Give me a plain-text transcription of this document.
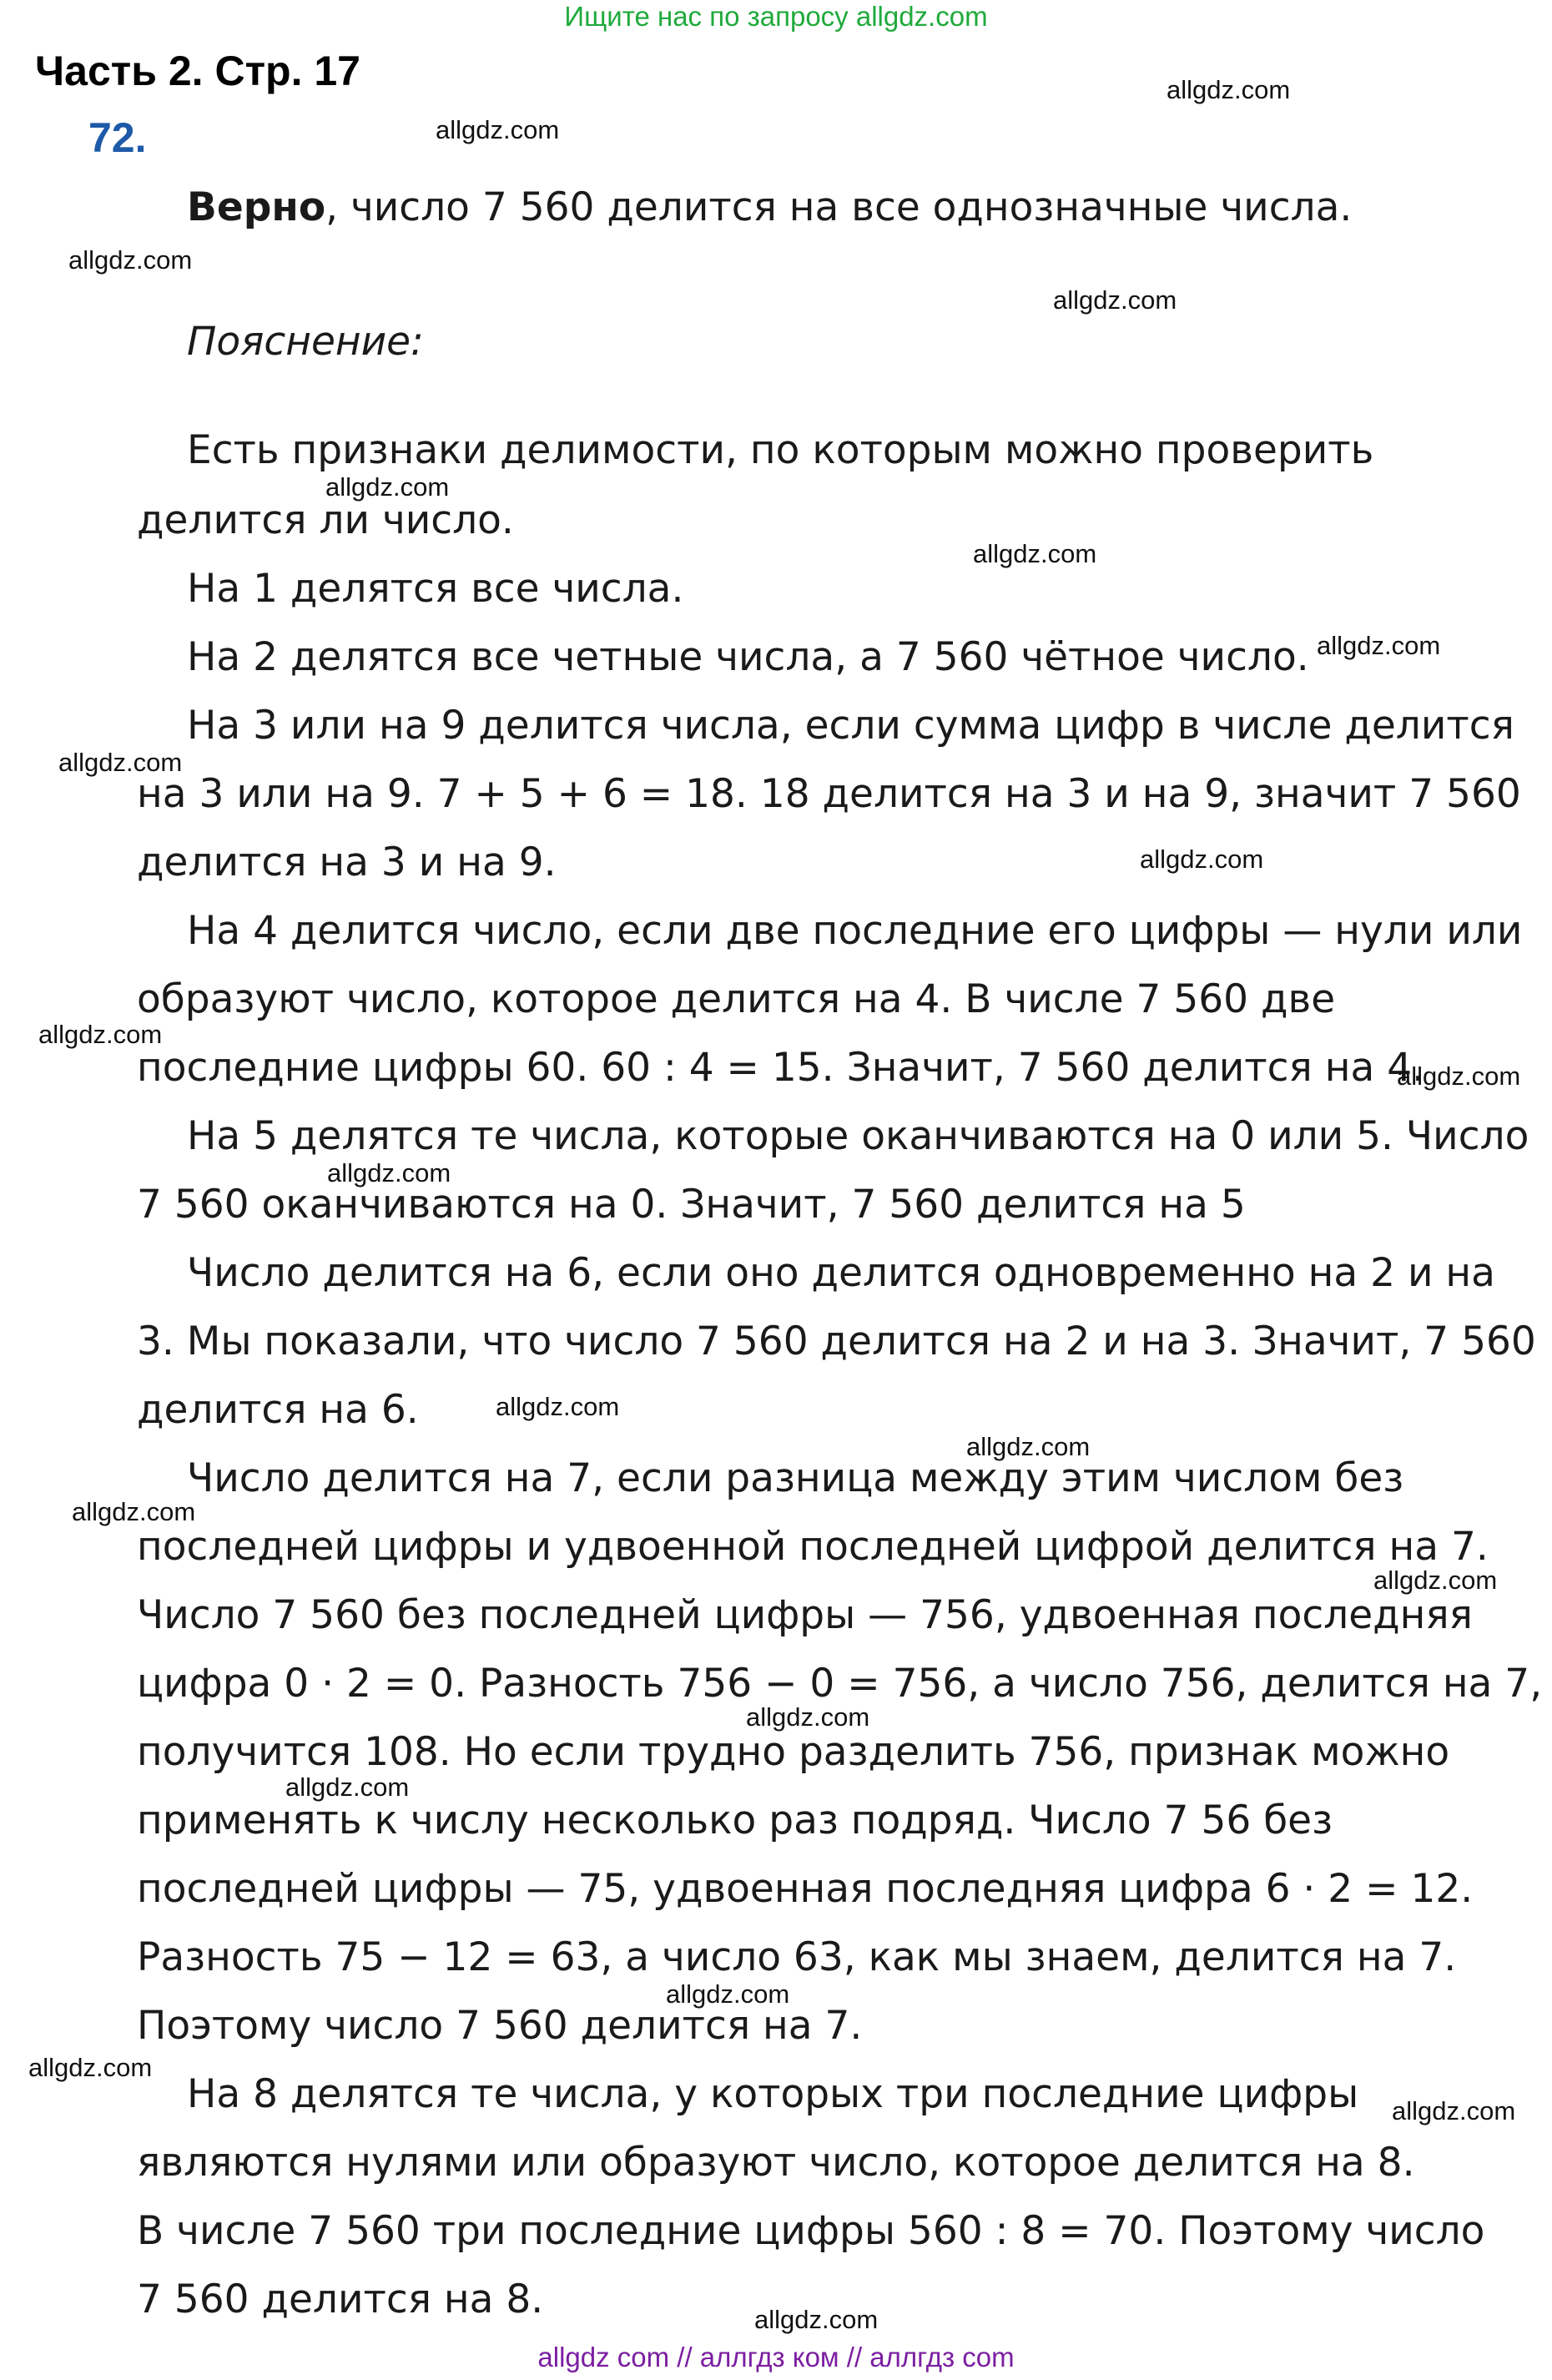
Ищите нас по запросу allgdz.com
Часть 2. Стр. 17
72.
Верно, число 7 560 делится на все однозначные числа.
Пояснение:
Есть признаки делимости, по которым можно проверить
делится ли число.
На 1 делятся все числа.
На 2 делятся все четные числа, а 7 560 чётное число.
На 3 или на 9 делится числа, если сумма цифр в числе делится
на 3 или на 9. 7 + 5 + 6 = 18. 18 делится на 3 и на 9, значит 7 560
делится на 3 и на 9.
На 4 делится число, если две последние его цифры — нули или
образуют число, которое делится на 4. В числе 7 560 две
последние цифры 60. 60 : 4 = 15. Значит, 7 560 делится на 4.
На 5 делятся те числа, которые оканчиваются на 0 или 5. Число
7 560 оканчиваются на 0. Значит, 7 560 делится на 5
Число делится на 6, если оно делится одновременно на 2 и на
3. Мы показали, что число 7 560 делится на 2 и на 3. Значит, 7 560
делится на 6.
Число делится на 7, если разница между этим числом без
последней цифры и удвоенной последней цифрой делится на 7.
Число 7 560 без последней цифры — 756, удвоенная последняя
цифра 0 · 2 = 0. Разность 756 − 0 = 756, а число 756, делится на 7,
получится 108. Но если трудно разделить 756, признак можно
применять к числу несколько раз подряд. Число 7 56 без
последней цифры — 75, удвоенная последняя цифра 6 · 2 = 12.
Разность 75 − 12 = 63, а число 63, как мы знаем, делится на 7.
Поэтому число 7 560 делится на 7.
На 8 делятся те числа, у которых три последние цифры
являются нулями или образуют число, которое делится на 8.
В числе 7 560 три последние цифры 560 : 8 = 70. Поэтому число
7 560 делится на 8.
allgdz.com
allgdz.com
allgdz.com
allgdz.com
allgdz.com
allgdz.com
allgdz.com
allgdz.com
allgdz.com
allgdz.com
allgdz.com
allgdz.com
allgdz.com
allgdz.com
allgdz.com
allgdz.com
allgdz.com
allgdz.com
allgdz.com
allgdz.com
allgdz.com
allgdz.com
allgdz com // аллгдз ком // аллгдз com
